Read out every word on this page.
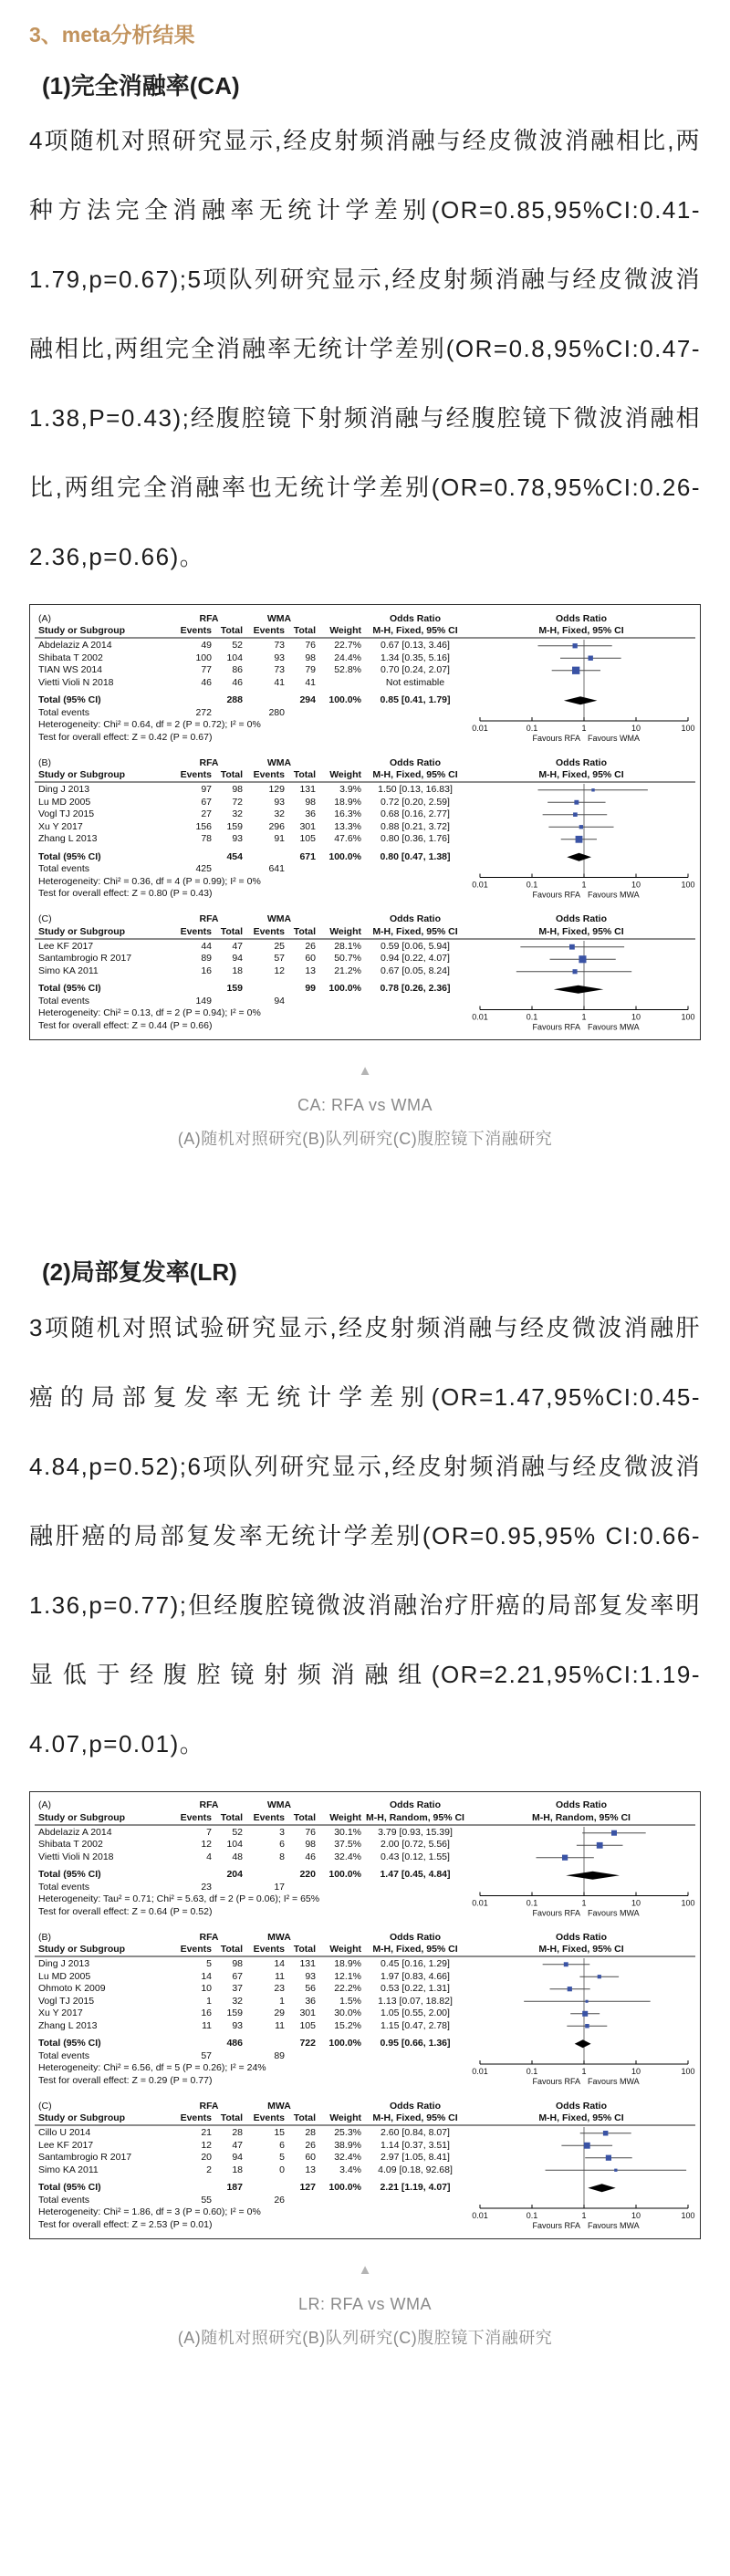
3、meta分析结果
(1)完全消融率(CA)

4项随机对照研究显示,经皮射频消融与经皮微波消融相比,两种方法完全消融率无统计学差别(OR=0.85,95%CI:0.41-1.79,p=0.67);5项队列研究显示,经皮射频消融与经皮微波消融相比,两组完全消融率无统计学差别(OR=0.8,95%CI:0.47-1.38,P=0.43);经腹腔镜下射频消融与经腹腔镜下微波消融相比,两组完全消融率也无统计学差别(OR=0.78,95%CI:0.26-2.36,p=0.66)。

(A)	RFA	WMA	Odds Ratio	Odds Ratio
Study or Subgroup	Events Total	Events Total	Weight	M-H, Fixed, 95% CI	M-H, Fixed, 95% CI
Abdelaziz A 2014	49	52	73	76	22.7%	0.67 [0.13, 3.46]
Shibata T 2002	100	104	93	98	24.4%	1.34 [0.35, 5.16]
TIAN WS 2014	77	86	73	79	52.8%	0.70 [0.24, 2.07]
Vietti Violi N 2018	46	46	41	41	Not estimable
Total (95% CI)	288	294	100.0%	0.85 [0.41, 1.79]
Total events	272	280
Heterogeneity: Chi² = 0.64, df = 2 (P = 0.72); I² = 0%
Test for overall effect: Z = 0.42 (P = 0.67)
0.01	0.1	1	10	100
Favours RFA Favours WMA
(B)	RFA	WMA	Odds Ratio	Odds Ratio
Study or Subgroup	Events Total	Events Total	Weight	M-H, Fixed, 95% CI	M-H, Fixed, 95% CI
Ding J 2013	97	98	129	131	3.9%	1.50 [0.13, 16.83]
Lu MD 2005	67	72	93	98	18.9%	0.72 [0.20, 2.59]
Vogl TJ 2015	27	32	32	36	16.3%	0.68 [0.16, 2.77]
Xu Y 2017	156	159	296	301	13.3%	0.88 [0.21, 3.72]
Zhang L 2013	78	93	91	105	47.6%	0.80 [0.36, 1.76]
Total (95% CI)	454	671	100.0%	0.80 [0.47, 1.38]
Total events	425	641
Heterogeneity: Chi² = 0.36, df = 4 (P = 0.99); I² = 0%
Test for overall effect: Z = 0.80 (P = 0.43)
0.01	0.1	1	10	100
Favours RFA Favours MWA
(C)	RFA	WMA	Odds Ratio	Odds Ratio
Study or Subgroup	Events Total	Events Total	Weight	M-H, Fixed, 95% CI	M-H, Fixed, 95% CI
Lee KF 2017	44	47	25	26	28.1%	0.59 [0.06, 5.94]
Santambrogio R 2017	89	94	57	60	50.7%	0.94 [0.22, 4.07]
Simo KA 2011	16	18	12	13	21.2%	0.67 [0.05, 8.24]
Total (95% CI)	159	99	100.0%	0.78 [0.26, 2.36]
Total events	149	94
Heterogeneity: Chi² = 0.13, df = 2 (P = 0.94); I² = 0%
Test for overall effect: Z = 0.44 (P = 0.66)
0.01	0.1	1	10	100
Favours RFA Favours MWA
▲
CA: RFA vs WMA
(A)随机对照研究(B)队列研究(C)腹腔镜下消融研究
(2)局部复发率(LR)

3项随机对照试验研究显示,经皮射频消融与经皮微波消融肝癌的局部复发率无统计学差别(OR=1.47,95%CI:0.45-4.84,p=0.52);6项队列研究显示,经皮射频消融与经皮微波消融肝癌的局部复发率无统计学差别(OR=0.95,95% CI:0.66-1.36,p=0.77);但经腹腔镜微波消融治疗肝癌的局部复发率明显低于经腹腔镜射频消融组(OR=2.21,95%CI:1.19-4.07,p=0.01)。

(A)	RFA	WMA	Odds Ratio	Odds Ratio
Study or Subgroup	Events Total	Events Total	Weight M-H, Random, 95% CI	M-H, Random, 95% CI
Abdelaziz A 2014	7	52	3	76	30.1%	3.79 [0.93, 15.39]
Shibata T 2002	12	104	6	98	37.5%	2.00 [0.72, 5.56]
Vietti Violi N 2018	4	48	8	46	32.4%	0.43 [0.12, 1.55]
Total (95% CI)	204	220	100.0%	1.47 [0.45, 4.84]
Total events	23	17
Heterogeneity: Tau² = 0.71; Chi² = 5.63, df = 2 (P = 0.06); I² = 65%
Test for overall effect: Z = 0.64 (P = 0.52)
0.01	0.1	1	10	100
Favours RFA Favours MWA
(B)	RFA	MWA	Odds Ratio	Odds Ratio
Study or Subgroup	Events Total	Events Total	Weight	M-H, Fixed, 95% CI	M-H, Fixed, 95% CI
Ding J 2013	5	98	14	131	18.9%	0.45 [0.16, 1.29]
Lu MD 2005	14	67	11	93	12.1%	1.97 [0.83, 4.66]
Ohmoto K 2009	10	37	23	56	22.2%	0.53 [0.22, 1.31]
Vogl TJ 2015	1	32	1	36	1.5%	1.13 [0.07, 18.82]
Xu Y 2017	16	159	29	301	30.0%	1.05 [0.55, 2.00]
Zhang L 2013	11	93	11	105	15.2%	1.15 [0.47, 2.78]
Total (95% CI)	486	722	100.0%	0.95 [0.66, 1.36]
Total events	57	89
Heterogeneity: Chi² = 6.56, df = 5 (P = 0.26); I² = 24%
Test for overall effect: Z = 0.29 (P = 0.77)
0.01	0.1	1	10	100
Favours RFA Favours MWA
(C)	RFA	MWA	Odds Ratio	Odds Ratio
Study or Subgroup	Events Total	Events Total	Weight	M-H, Fixed, 95% CI	M-H, Fixed, 95% CI
Cillo U 2014	21	28	15	28	25.3%	2.60 [0.84, 8.07]
Lee KF 2017	12	47	6	26	38.9%	1.14 [0.37, 3.51]
Santambrogio R 2017	20	94	5	60	32.4%	2.97 [1.05, 8.41]
Simo KA 2011	2	18	0	13	3.4%	4.09 [0.18, 92.68]
Total (95% CI)	187	127	100.0%	2.21 [1.19, 4.07]
Total events	55	26
Heterogeneity: Chi² = 1.86, df = 3 (P = 0.60); I² = 0%
Test for overall effect: Z = 2.53 (P = 0.01)
0.01	0.1	1	10	100
Favours RFA Favours MWA
▲
LR: RFA vs WMA
(A)随机对照研究(B)队列研究(C)腹腔镜下消融研究
